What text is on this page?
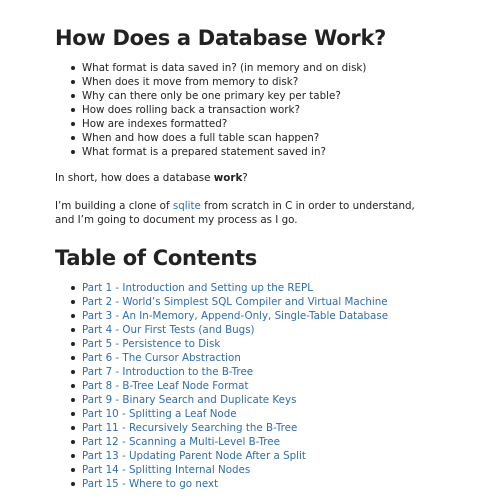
How Does a Database Work?
What format is data saved in? (in memory and on disk)
When does it move from memory to disk?
Why can there only be one primary key per table?
How does rolling back a transaction work?
How are indexes formatted?
When and how does a full table scan happen?
What format is a prepared statement saved in?

In short, how does a database work?

I’m building a clone of sqlite from scratch in C in order to understand, and I’m going to document my process as I go.

Table of Contents
Part 1 - Introduction and Setting up the REPL
Part 2 - World’s Simplest SQL Compiler and Virtual Machine
Part 3 - An In-Memory, Append-Only, Single-Table Database
Part 4 - Our First Tests (and Bugs)
Part 5 - Persistence to Disk
Part 6 - The Cursor Abstraction
Part 7 - Introduction to the B-Tree
Part 8 - B-Tree Leaf Node Format
Part 9 - Binary Search and Duplicate Keys
Part 10 - Splitting a Leaf Node
Part 11 - Recursively Searching the B-Tree
Part 12 - Scanning a Multi-Level B-Tree
Part 13 - Updating Parent Node After a Split
Part 14 - Splitting Internal Nodes
Part 15 - Where to go next
